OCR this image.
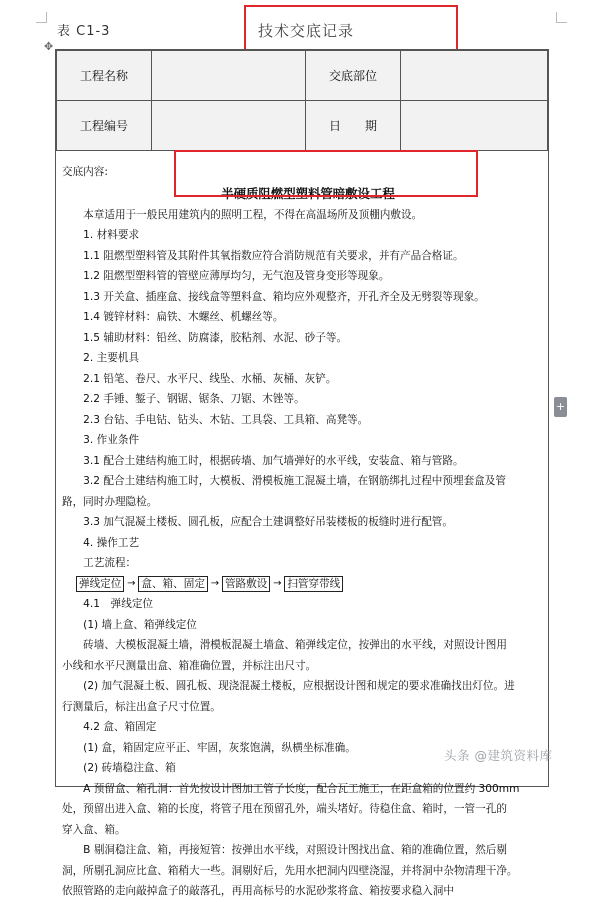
表 C1-3	技术交底记录
✥
工程名称		交底部位	
工程编号		日　　期	
交底内容:
半硬质阻燃型塑料管暗敷设工程
　　本章适用于一般民用建筑内的照明工程，不得在高温场所及顶棚内敷设。
　　1. 材料要求
　　1.1 阻燃型塑料管及其附件其氧指数应符合消防规范有关要求，并有产品合格证。
　　1.2 阻燃型塑料管的管壁应薄厚均匀，无气泡及管身变形等现象。
　　1.3 开关盒、插座盒、接线盒等塑料盒、箱均应外观整齐，开孔齐全及无劈裂等现象。
　　1.4 镀锌材料：扁铁、木螺丝、机螺丝等。
　　1.5 辅助材料：铅丝、防腐漆，胶粘剂、水泥、砂子等。
　　2. 主要机具
　　2.1 铅笔、卷尺、水平尺、线坠、水桶、灰桶、灰铲。
　　2.2 手锤、錾子、钢锯、锯条、刀锯、木锉等。
　　2.3 台钻、手电钻、钻头、木钻、工具袋、工具箱、高凳等。
　　3. 作业条件
　　3.1 配合土建结构施工时，根据砖墙、加气墙弹好的水平线，安装盒、箱与管路。
　　3.2 配合土建结构施工时，大模板、滑模板施工混凝土墙，在钢筋绑扎过程中预埋套盒及管
路，同时办理隐检。
　　3.3 加气混凝土楼板、圆孔板，应配合土建调整好吊装楼板的板缝时进行配管。
　　4. 操作工艺
　　工艺流程：
弹线定位 → 盒、箱、固定 → 管路敷设 → 扫管穿带线
　　4.1　弹线定位
　　(1) 墙上盒、箱弹线定位
　　砖墙、大模板混凝土墙，滑模板混凝土墙盒、箱弹线定位，按弹出的水平线，对照设计图用
小线和水平尺测量出盒、箱准确位置，并标注出尺寸。
　　(2) 加气混凝土板、圆孔板、现浇混凝土楼板，应根据设计图和规定的要求准确找出灯位。进
行测量后，标注出盒子尺寸位置。
　　4.2 盒、箱固定
　　(1) 盒，箱固定应平正、牢固，灰浆饱满，纵横坐标准确。
　　(2) 砖墙稳注盒、箱
　　A 预留盒、箱孔洞：首先按设计图加工管子长度，配合瓦工施工，在距盒箱的位置约 300mm
处，预留出进入盒、箱的长度，将管子甩在预留孔外，端头堵好。待稳住盒、箱时，一管一孔的
穿入盒、箱。
　　B 剔洞稳注盒、箱，再接短管：按弹出水平线，对照设计图找出盒、箱的准确位置，然后剔
洞，所剔孔洞应比盒、箱稍大一些。洞剔好后，先用水把洞内四壁浇湿，并将洞中杂物清理干净。
依照管路的走向敲掉盒子的敲落孔，再用高标号的水泥砂浆将盒、箱按要求稳入洞中
+
头条 @建筑资料库
